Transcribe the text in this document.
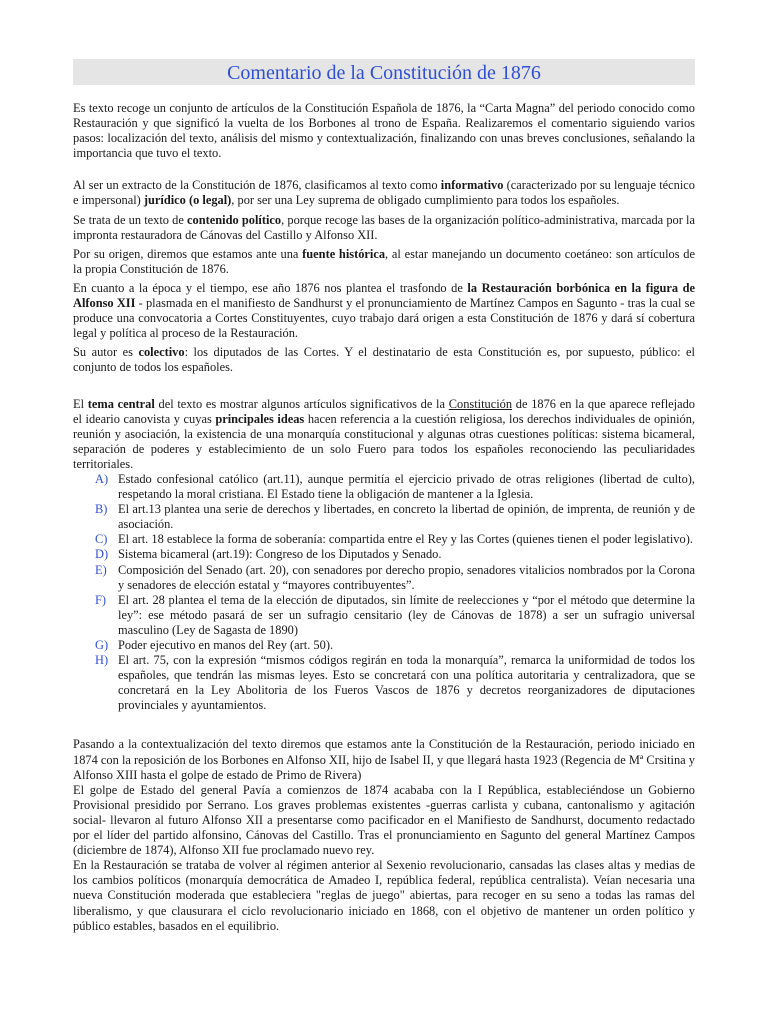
Comentario de la Constitución de 1876

Es texto recoge un conjunto de artículos de la Constitución Española de 1876, la “Carta Magna” del periodo conocido como Restauración y que significó la vuelta de los Borbones al trono de España. Realizaremos el comentario siguiendo varios pasos: localización del texto, análisis del mismo y contextualización, finalizando con unas breves conclusiones, señalando la importancia que tuvo el texto.

Al ser un extracto de la Constitución de 1876, clasificamos al texto como informativo (caracterizado por su lenguaje técnico e impersonal) jurídico (o legal), por ser una Ley suprema de obligado cumplimiento para todos los españoles.

Se trata de un texto de contenido político, porque recoge las bases de la organización político-administrativa, marcada por la impronta restauradora de Cánovas del Castillo y Alfonso XII.

Por su origen, diremos que estamos ante una fuente histórica, al estar manejando un documento coetáneo: son artículos de la propia Constitución de 1876.

En cuanto a la época y el tiempo, ese año 1876 nos plantea el trasfondo de la Restauración borbónica en la figura de Alfonso XII - plasmada en el manifiesto de Sandhurst y el pronunciamiento de Martínez Campos en Sagunto - tras la cual se produce una convocatoria a Cortes Constituyentes, cuyo trabajo dará origen a esta Constitución de 1876 y dará sí cobertura legal y política al proceso de la Restauración.

Su autor es colectivo: los diputados de las Cortes. Y el destinatario de esta Constitución es, por supuesto, público: el conjunto de todos los españoles.

El tema central del texto es mostrar algunos artículos significativos de la Constitución de 1876 en la que aparece reflejado el ideario canovista y cuyas principales ideas hacen referencia a la cuestión religiosa, los derechos individuales de opinión, reunión y asociación, la existencia de una monarquía constitucional y algunas otras cuestiones políticas: sistema bicameral, separación de poderes y establecimiento de un solo Fuero para todos los españoles reconociendo las peculiaridades territoriales.

A) Estado confesional católico (art.11), aunque permitía el ejercicio privado de otras religiones (libertad de culto), respetando la moral cristiana. El Estado tiene la obligación de mantener a la Iglesia.
B) El art.13 plantea una serie de derechos y libertades, en concreto la libertad de opinión, de imprenta, de reunión y de asociación.
C) El art. 18 establece la forma de soberanía: compartida entre el Rey y las Cortes (quienes tienen el poder legislativo).
D) Sistema bicameral (art.19): Congreso de los Diputados y Senado.
E) Composición del Senado (art. 20), con senadores por derecho propio, senadores vitalicios nombrados por la Corona y senadores de elección estatal y “mayores contribuyentes”.
F) El art. 28 plantea el tema de la elección de diputados, sin límite de reelecciones y “por el método que determine la ley”: ese método pasará de ser un sufragio censitario (ley de Cánovas de 1878) a ser un sufragio universal masculino (Ley de Sagasta de 1890)
G) Poder ejecutivo en manos del Rey (art. 50).
H) El art. 75, con la expresión “mismos códigos regirán en toda la monarquía”, remarca la uniformidad de todos los españoles, que tendrán las mismas leyes. Esto se concretará con una política autoritaria y centralizadora, que se concretará en la Ley Abolitoria de los Fueros Vascos de 1876 y decretos reorganizadores de diputaciones provinciales y ayuntamientos.

Pasando a la contextualización del texto diremos que estamos ante la Constitución de la Restauración, periodo iniciado en 1874 con la reposición de los Borbones en Alfonso XII, hijo de Isabel II, y que llegará hasta 1923 (Regencia de Mª Crsitina y Alfonso XIII hasta el golpe de estado de Primo de Rivera)

El golpe de Estado del general Pavía a comienzos de 1874 acababa con la I República, estableciéndose un Gobierno Provisional presidido por Serrano. Los graves problemas existentes -guerras carlista y cubana, cantonalismo y agitación social- llevaron al futuro Alfonso XII a presentarse como pacificador en el Manifiesto de Sandhurst, documento redactado por el líder del partido alfonsino, Cánovas del Castillo. Tras el pronunciamiento en Sagunto del general Martínez Campos (diciembre de 1874), Alfonso XII fue proclamado nuevo rey.

En la Restauración se trataba de volver al régimen anterior al Sexenio revolucionario, cansadas las clases altas y medias de los cambios políticos (monarquía democrática de Amadeo I, república federal, república centralista). Veían necesaria una nueva Constitución moderada que estableciera "reglas de juego" abiertas, para recoger en su seno a todas las ramas del liberalismo, y que clausurara el ciclo revolucionario iniciado en 1868, con el objetivo de mantener un orden político y público estables, basados en el equilibrio.
